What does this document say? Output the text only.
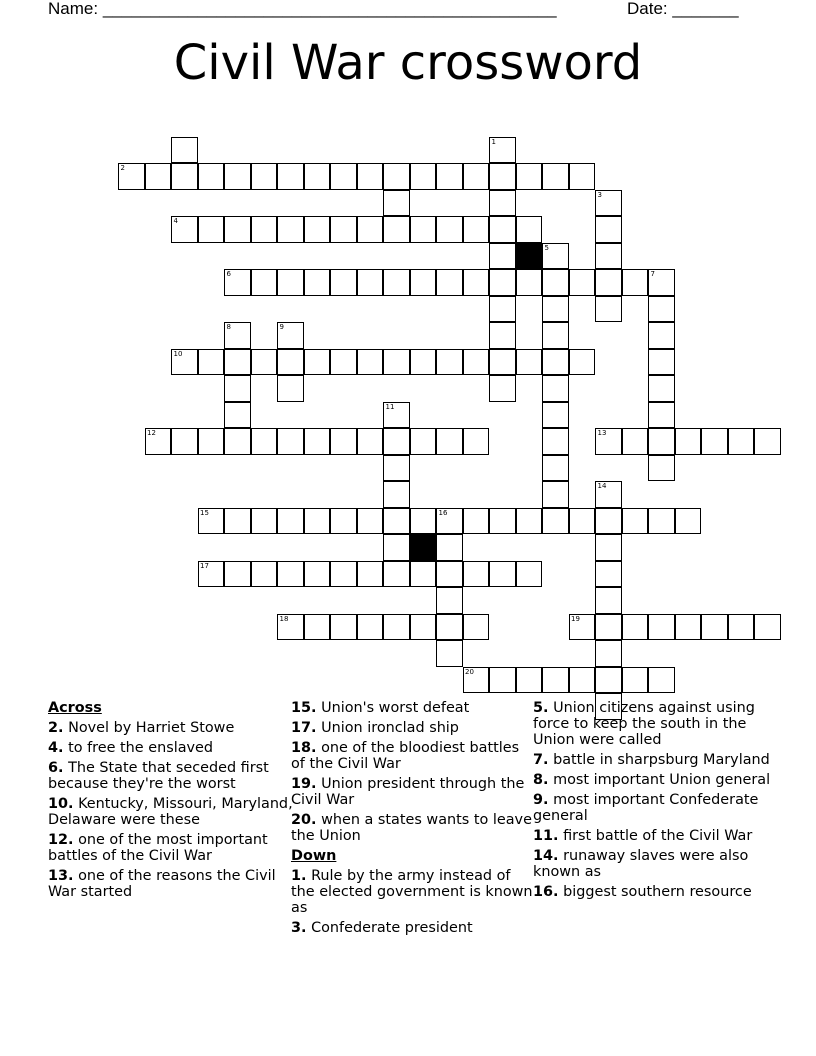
Name: ________________________________________________	Date: _______
Civil War crossword
1
2
3
4
5
6	7
8	9
10
11
12	13
14
15	16
17
18	19
20
Across
2. Novel by Harriet Stowe
4. to free the enslaved
6. The State that seceded first because they're the worst
10. Kentucky, Missouri, Maryland, Delaware were these
12. one of the most important battles of the Civil War
13. one of the reasons the Civil War started
15. Union's worst defeat
17. Union ironclad ship
18. one of the bloodiest battles of the Civil War
19. Union president through the Civil War
20. when a states wants to leave the Union
Down
1. Rule by the army instead of the elected government is known as
3. Confederate president
5. Union citizens against using force to keep the south in the Union were called
7. battle in sharpsburg Maryland
8. most important Union general
9. most important Confederate general
11. first battle of the Civil War
14. runaway slaves were also known as
16. biggest southern resource
